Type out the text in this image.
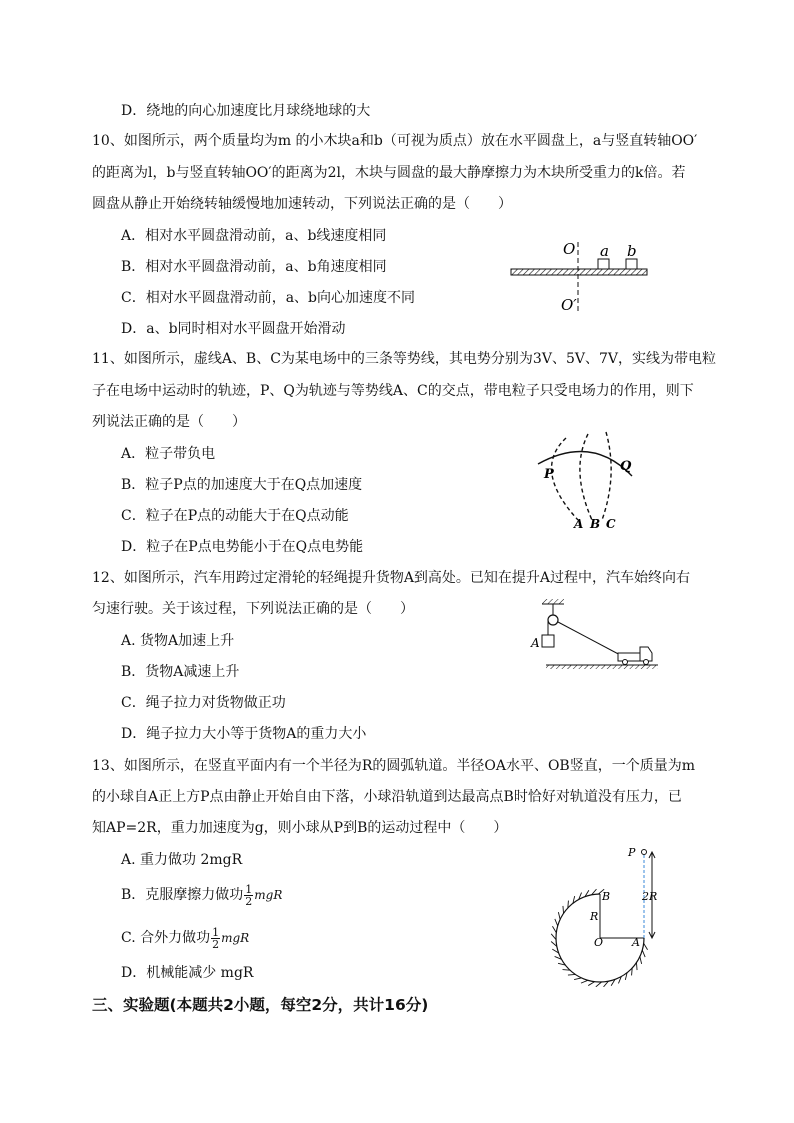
D．绕地的向心加速度比月球绕地球的大
10、如图所示，两个质量均为m 的小木块a和b（可视为质点）放在水平圆盘上，a与竖直转轴OO′
的距离为l，b与竖直转轴OO′的距离为2l，木块与圆盘的最大静摩擦力为木块所受重力的k倍。若
圆盘从静止开始绕转轴缓慢地加速转动，下列说法正确的是（　　）
A．相对水平圆盘滑动前，a、b线速度相同
B．相对水平圆盘滑动前，a、b角速度相同
C．相对水平圆盘滑动前，a、b向心加速度不同
D．a、b同时相对水平圆盘开始滑动
O
O′
a b
11、如图所示，虚线A、B、C为某电场中的三条等势线，其电势分别为3V、5V、7V，实线为带电粒
子在电场中运动时的轨迹，P、Q为轨迹与等势线A、C的交点，带电粒子只受电场力的作用，则下
列说法正确的是（　　）
A．粒子带负电
B．粒子P点的加速度大于在Q点加速度
C．粒子在P点的动能大于在Q点动能
D．粒子在P点电势能小于在Q点电势能
P
Q
A B C
12、如图所示，汽车用跨过定滑轮的轻绳提升货物A到高处。已知在提升A过程中，汽车始终向右
匀速行驶。关于该过程，下列说法正确的是（　　）
A. 货物A加速上升
B．货物A减速上升
C．绳子拉力对货物做正功
D．绳子拉力大小等于货物A的重力大小
A
13、如图所示，在竖直平面内有一个半径为R的圆弧轨道。半径OA水平、OB竖直，一个质量为m
的小球自A正上方P点由静止开始自由下落，小球沿轨道到达最高点B时恰好对轨道没有压力，已
知AP=2R，重力加速度为g，则小球从P到B的运动过程中（　　）
A. 重力做功 2mgR
B．克服摩擦力做功 $\frac{1}{2}$ mgR
C. 合外力做功 $\frac{1}{2}$ mgR
D．机械能减少 mgR
P
B
R
2R
O	A
三、实验题(本题共2小题，每空2分，共计16分)
